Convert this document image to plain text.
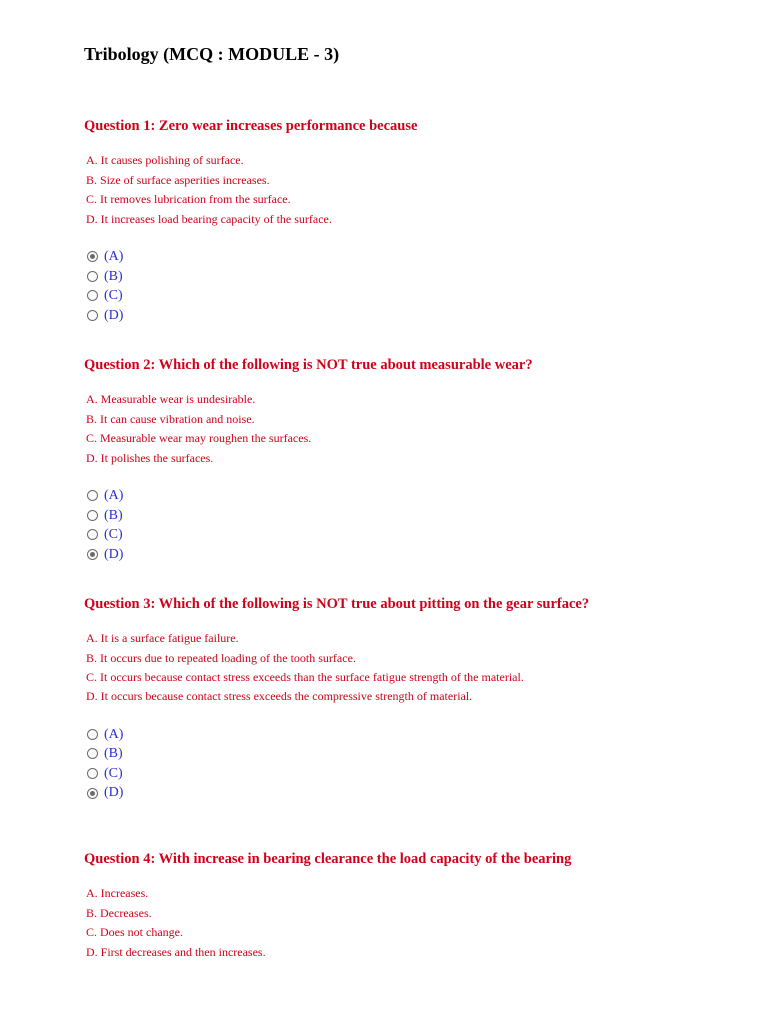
Tribology (MCQ : MODULE - 3)
Question 1: Zero wear increases performance because
A. It causes polishing of surface.
B. Size of surface asperities increases.
C. It removes lubrication from the surface.
D. It increases load bearing capacity of the surface.
(A)
(B)
(C)
(D)
Question 2: Which of the following is NOT true about measurable wear?
A. Measurable wear is undesirable.
B. It can cause vibration and noise.
C. Measurable wear may roughen the surfaces.
D. It polishes the surfaces.
(A)
(B)
(C)
(D)
Question 3: Which of the following is NOT true about pitting on the gear surface?
A. It is a surface fatigue failure.
B. It occurs due to repeated loading of the tooth surface.
C. It occurs because contact stress exceeds than the surface fatigue strength of the material.
D. It occurs because contact stress exceeds the compressive strength of material.
(A)
(B)
(C)
(D)
Question 4: With increase in bearing clearance the load capacity of the bearing
A. Increases.
B. Decreases.
C. Does not change.
D. First decreases and then increases.
